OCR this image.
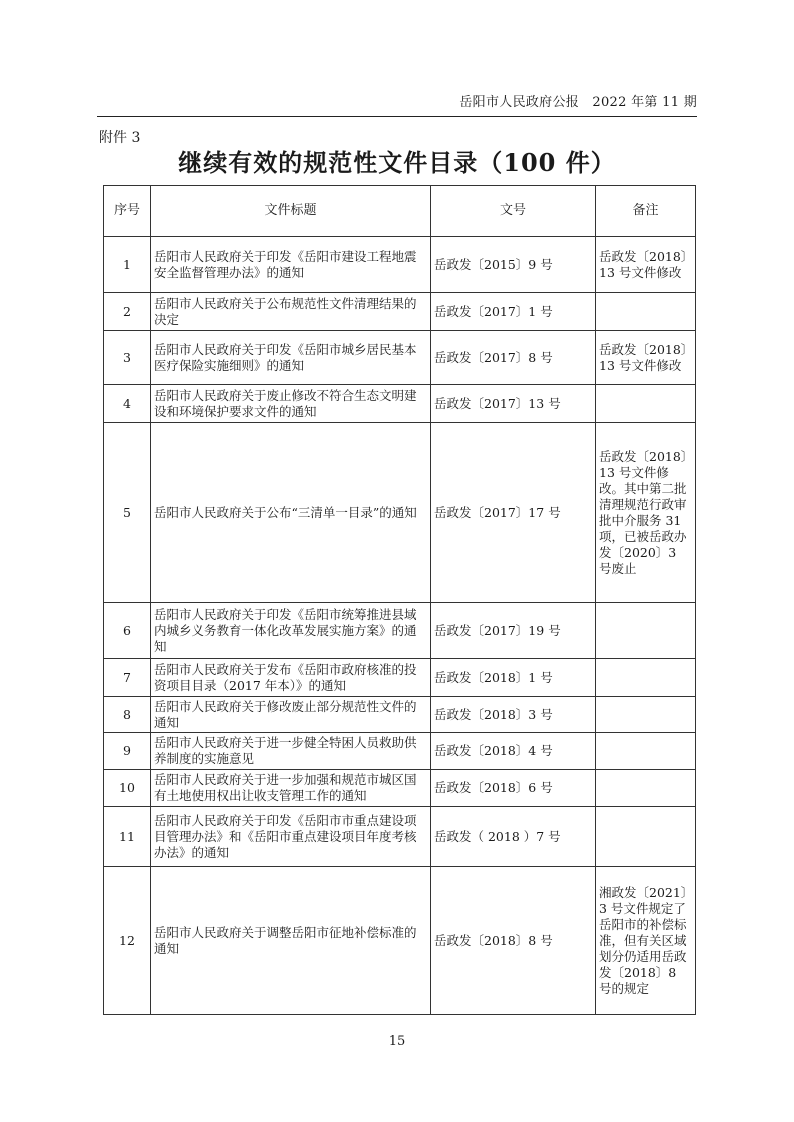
岳阳市人民政府公报　2022 年第 11 期
附件 3
继续有效的规范性文件目录（100 件）
序号	文件标题	文号	备注
1	岳阳市人民政府关于印发《岳阳市建设工程地震安全监督管理办法》的通知	岳政发〔2015〕9 号	岳政发〔2018〕13 号文件修改
2	岳阳市人民政府关于公布规范性文件清理结果的决定	岳政发〔2017〕1 号	
3	岳阳市人民政府关于印发《岳阳市城乡居民基本医疗保险实施细则》的通知	岳政发〔2017〕8 号	岳政发〔2018〕13 号文件修改
4	岳阳市人民政府关于废止修改不符合生态文明建设和环境保护要求文件的通知	岳政发〔2017〕13 号	
5	岳阳市人民政府关于公布“三清单一目录”的通知	岳政发〔2017〕17 号	岳政发〔2018〕13 号文件修改。其中第二批清理规范行政审批中介服务 31 项，已被岳政办发〔2020〕3 号废止
6	岳阳市人民政府关于印发《岳阳市统筹推进县域内城乡义务教育一体化改革发展实施方案》的通知	岳政发〔2017〕19 号	
7	岳阳市人民政府关于发布《岳阳市政府核准的投资项目目录（2017 年本）》的通知	岳政发〔2018〕1 号	
8	岳阳市人民政府关于修改废止部分规范性文件的通知	岳政发〔2018〕3 号	
9	岳阳市人民政府关于进一步健全特困人员救助供养制度的实施意见	岳政发〔2018〕4 号	
10	岳阳市人民政府关于进一步加强和规范市城区国有土地使用权出让收支管理工作的通知	岳政发〔2018〕6 号	
11	岳阳市人民政府关于印发《岳阳市市重点建设项目管理办法》和《岳阳市重点建设项目年度考核办法》的通知	岳政发（ 2018 ）7 号	
12	岳阳市人民政府关于调整岳阳市征地补偿标准的通知	岳政发〔2018〕8 号	湘政发〔2021〕3 号文件规定了岳阳市的补偿标准，但有关区域划分仍适用岳政发〔2018〕8 号的规定
15
